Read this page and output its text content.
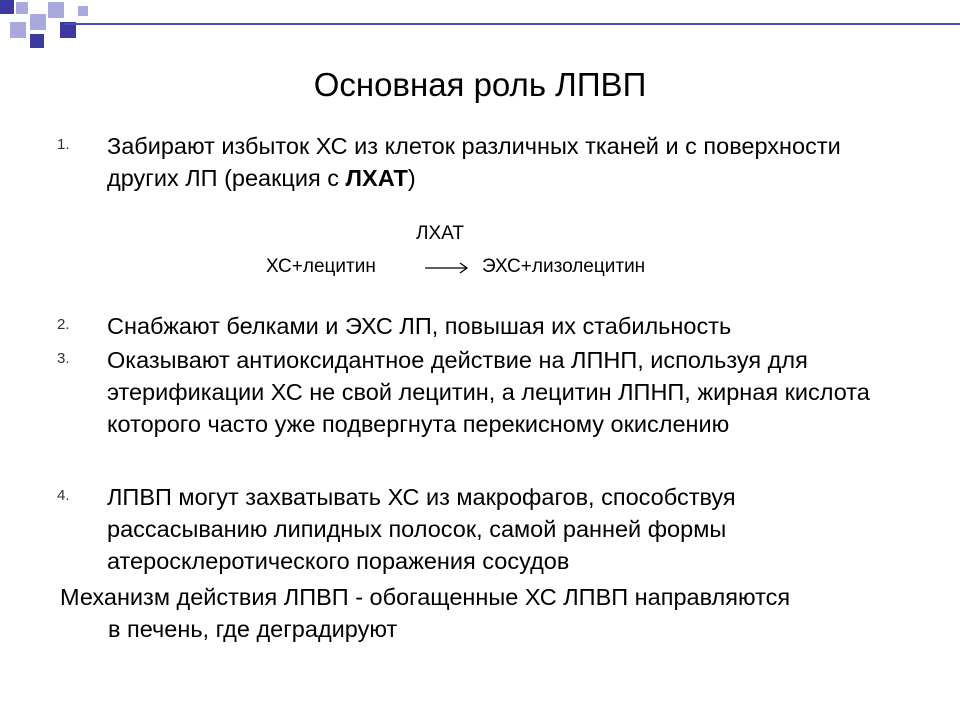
Основная роль ЛПВП
1.	Забирают избыток ХС из клеток различных тканей и с поверхности других ЛП (реакция с ЛХАТ)
ЛХАТ
ХС+лецитин	→ ЭХС+лизолецитин
2.	Снабжают белками и ЭХС ЛП, повышая их стабильность
3.	Оказывают антиоксидантное действие на ЛПНП, используя для этерификации ХС не свой лецитин, а лецитин ЛПНП, жирная кислота которого часто уже подвергнута перекисному окислению
4.	ЛПВП могут захватывать ХС из макрофагов, способствуя рассасыванию липидных полосок, самой ранней формы атеросклеротического поражения сосудов
Механизм действия ЛПВП - обогащенные ХС ЛПВП направляются
в печень, где деградируют
